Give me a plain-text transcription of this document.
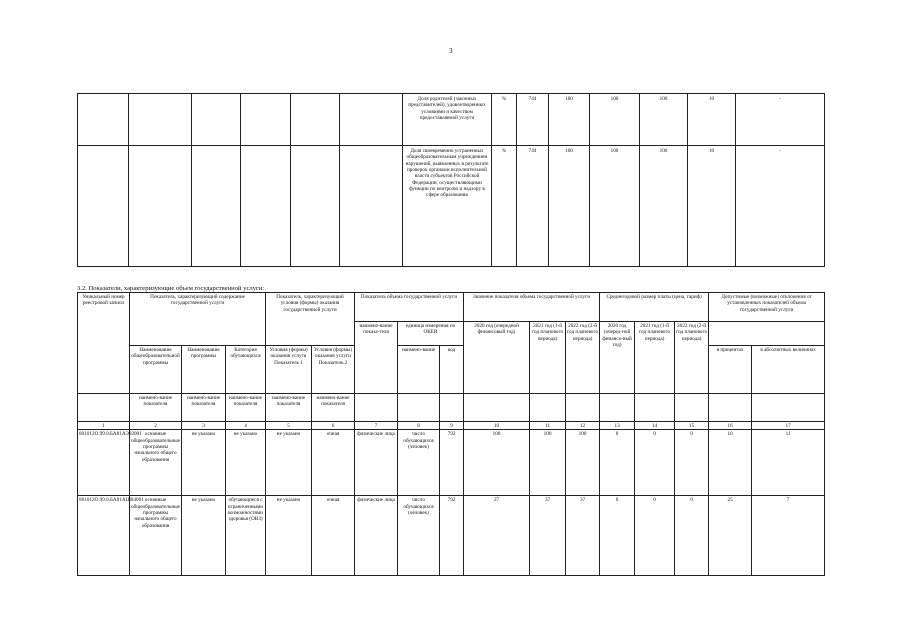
3
						Доля родителей (законных представителей), удовлетворенных условиями и качеством предоставляемой услуги	%	744	100	100	100	10	-
						Доля своевременно устраненных общеобразовательным учреждением нарушений, выявленных в результате проверок органами исполнительной власти субъектов Российской Федерации, осуществляющими функции по контролю и надзору в сфере образования	%	744	100	100	100	10	-
3.2. Показатели, характеризующие объем государственной услуги:
Уникальный номер реестровой записи	Показатель, характеризующий содержание государственной услуги			Показатель, характеризующий условия (формы) оказания государственной услуги		Показатель объема государственной услуги			Значение показателя объема государственной услуги			Среднегодовой размер платы (цена, тариф)			Допустимые (возможные) отклонения от установленных показателей объема государственной услуги	
						наимено-вание показа-теля	единица измерения по ОКЕИ		2020 год (очередной финансовый год)	2021 год (1-й год планового периода)	2022 год (2-й год планового периода)	2020 год (очеред-ной финансо-вый год)	2021 год (1-й год планового периода)	2022 год (2-й год планового периода)		
	Наименование общеобразовательной программы	Наименование программы	Категория обучающихся	Условия (формы) оказания услуги Показатель 1	Условия (формы) оказания услуги Показатель 2		наимено-вание	код							в процентах	в абсолютных величинах
	наимено-вание показателя	наимено-вание показателя	наимено-вание показателя	наимено-вание показателя	наимено-вание показателя											
1	2	3	4	5	6	7	8	9	10	11	12	13	14	15	16	17
801012О.99.0.БА81АЭ92001	основные общеобразовательные программы начального общего образования	не указано	не указано	не указано	очная	физические лица	число обучающихся (человек)	792	108	100	100	0	0	0	10	11
801012О.99.0.БА81АШ04001	основные общеобразовательные программы начального общего образования	не указано	обучающиеся с ограниченными возможностями здоровья (ОВЗ)	не указано	очная	физические лица	число обучающихся (человек)	792	27	37	37	0	0	0	25	7
